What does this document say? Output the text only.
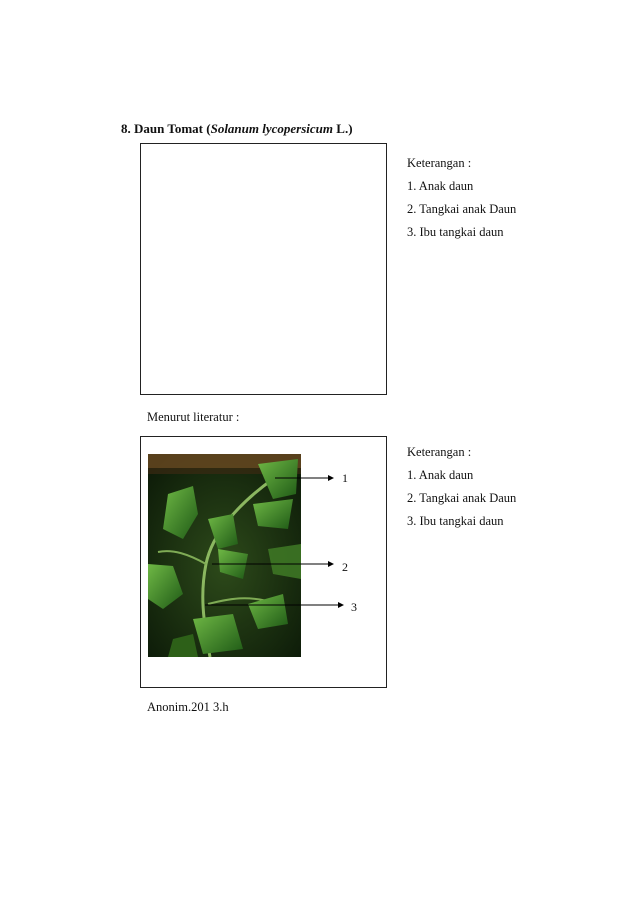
8. Daun Tomat (Solanum lycopersicum L.)
Keterangan :
1. Anak daun
2. Tangkai anak Daun
3. Ibu tangkai daun
Menurut literatur :
1
2
3
Keterangan :
1. Anak daun
2. Tangkai anak Daun
3. Ibu tangkai daun
Anonim.201 3.h
